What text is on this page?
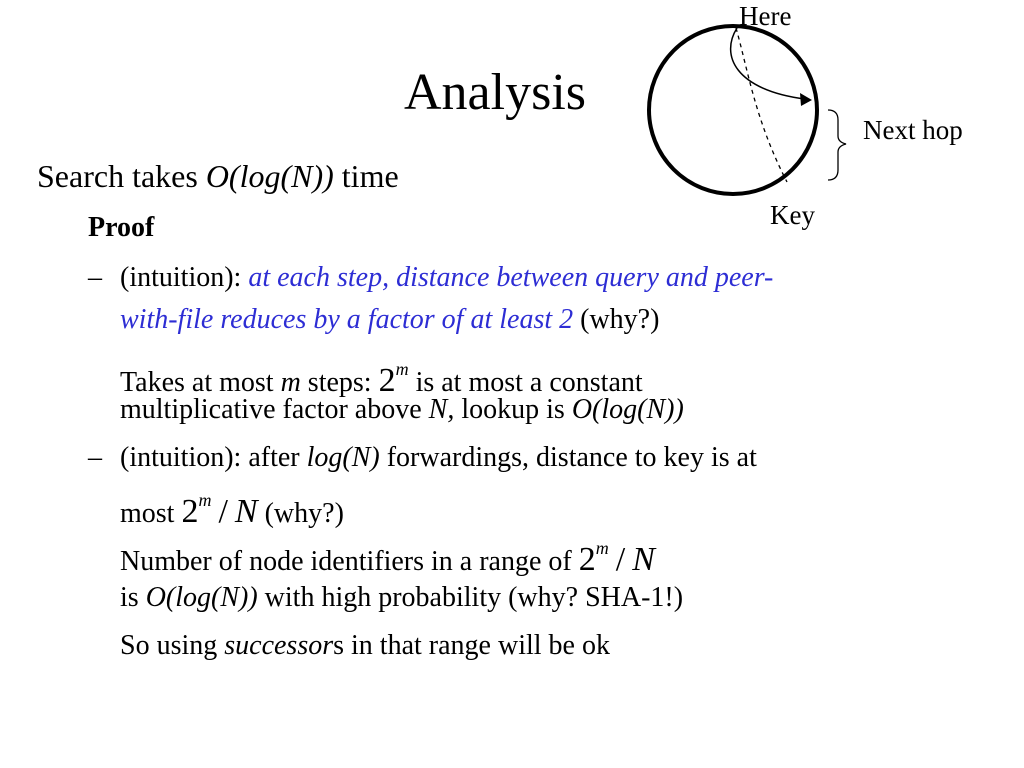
Here
Key
Next hop
Analysis
Search takes O(log(N)) time
Proof
– (intuition): at each step, distance between query and peer-
with-file reduces by a factor of at least 2 (why?)
Takes at most m steps: 2$^m$ is at most a constant
multiplicative factor above N, lookup is O(log(N))
– (intuition): after log(N) forwardings, distance to key is at
most 2$^m$ / N (why?)
Number of node identifiers in a range of 2$^m$ / N
is O(log(N)) with high probability (why? SHA-1!)
So using successors in that range will be ok
